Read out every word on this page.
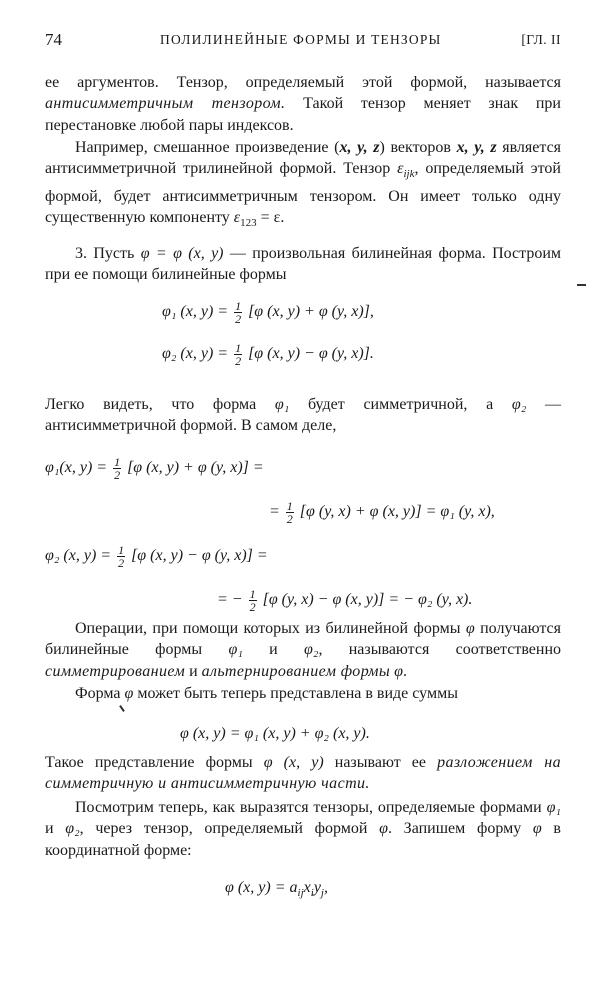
74	ПОЛИЛИНЕЙНЫЕ ФОРМЫ И ТЕНЗОРЫ	[ГЛ. II

ее аргументов. Тензор, определяемый этой формой, называется антисимметричным тензором. Такой тензор меняет знак при перестановке любой пары индексов.

Например, смешанное произведение (x, y, z) векторов x, y, z является антисимметричной трилинейной формой. Тензор $\varepsilon_{ijk}$, определяемый этой формой, будет антисимметричным тензором. Он имеет только одну существенную компоненту $\varepsilon_{123} = \varepsilon$.

3. Пусть φ = φ (x, y) — произвольная билинейная форма. Построим при ее помощи билинейные формы

φ₁ (x, $y) = \frac{1}{2} [\varphi$ (x, y) + φ (y, x)],
φ₂ (x, $y) = \frac{1}{2} [\varphi$ (x, y) − φ (y, x)].

Легко видеть, что форма φ₁ будет симметричной, а φ₂ — антисимметричной формой. В самом деле,

φ₁(x, $y) = \frac{1}{2} [\varphi$ (x, y) + φ (y, x)] =
= $\frac{1}{2} [\varphi$ (y, x) + φ (x, y)] = φ₁ (y, x),
φ₂ (x, $y) = \frac{1}{2} [\varphi$ (x, y) − φ (y, x)] =
= − $\frac{1}{2} [\varphi$ (y, x) − φ (x, y)] = − φ₂ (y, x).

Операции, при помощи которых из билинейной формы φ получаются билинейные формы φ₁ и φ₂, называются соответственно симметрированием и альтернированием формы φ.

Форма φ может быть теперь представлена в виде суммы

φ (x, y) = φ₁ (x, y) + φ₂ (x, y).

Такое представление формы φ (x, y) называют ее разложением на симметричную и антисимметричную части.

Посмотрим теперь, как выразятся тензоры, определяемые формами φ₁ и φ₂, через тензор, определяемый формой φ. Запишем форму φ в координатной форме:

φ (x, $y) = a_{ij}x_iy_j$,
